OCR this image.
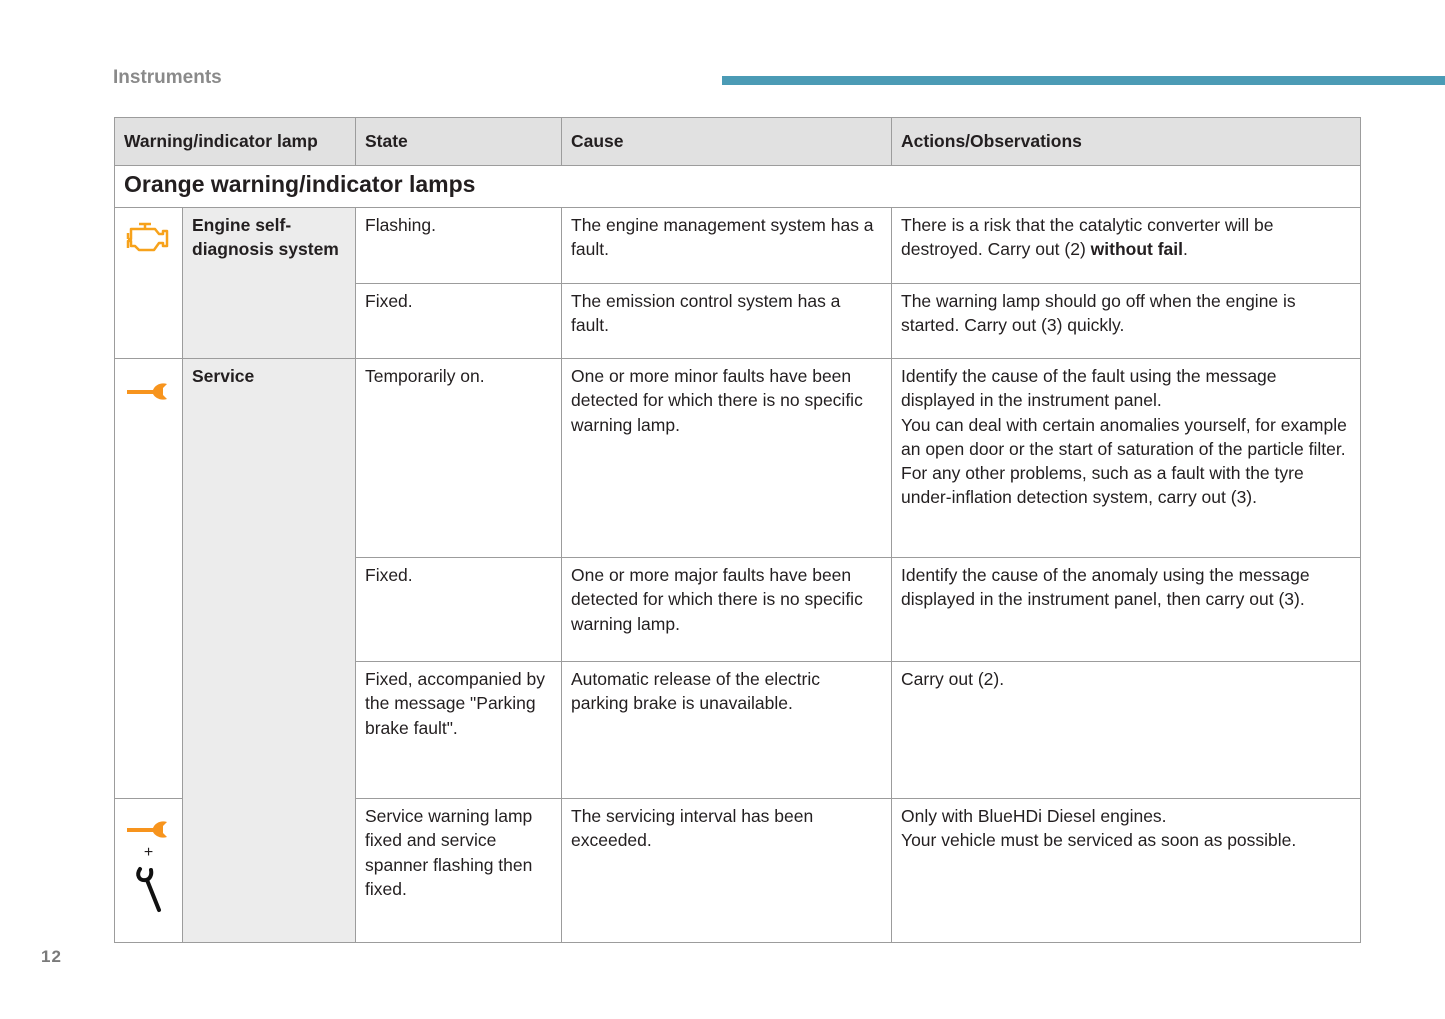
Instruments
Warning/indicator lamp		State	Cause	Actions/Observations
Orange warning/indicator lamps				
	Engine self-diagnosis system	Flashing.	The engine management system has a fault.	There is a risk that the catalytic converter will be destroyed. Carry out (2) without fail.
		Fixed.	The emission control system has a fault.	The warning lamp should go off when the engine is started. Carry out (3) quickly.
	Service	Temporarily on.	One or more minor faults have been detected for which there is no specific warning lamp.	Identify the cause of the fault using the message displayed in the instrument panel.
You can deal with certain anomalies yourself, for example an open door or the start of saturation of the particle filter.
For any other problems, such as a fault with the tyre under-inflation detection system, carry out (3).

		Fixed.	One or more major faults have been detected for which there is no specific warning lamp.	Identify the cause of the anomaly using the message displayed in the instrument panel, then carry out (3).
		Fixed, accompanied by the message "Parking brake fault".	Automatic release of the electric parking brake is unavailable.	Carry out (2).

+		Service warning lamp fixed and service spanner flashing then fixed.	The servicing interval has been exceeded.	Only with BlueHDi Diesel engines.
Your vehicle must be serviced as soon as possible.
12
